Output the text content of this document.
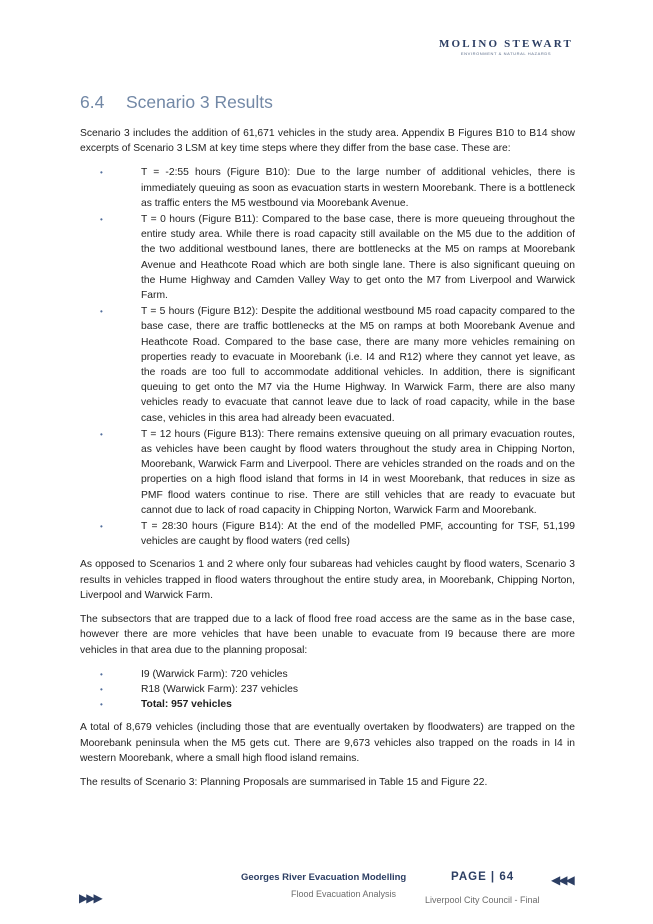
MOLINO STEWART
ENVIRONMENT & NATURAL HAZARDS
6.4 Scenario 3 Results

Scenario 3 includes the addition of 61,671 vehicles in the study area. Appendix B Figures B10 to B14 show excerpts of Scenario 3 LSM at key time steps where they differ from the base case. These are:

•	T = -2:55 hours (Figure B10): Due to the large number of additional vehicles, there is immediately queuing as soon as evacuation starts in western Moorebank. There is a bottleneck as traffic enters the M5 westbound via Moorebank Avenue.
•	T = 0 hours (Figure B11): Compared to the base case, there is more queueing throughout the entire study area. While there is road capacity still available on the M5 due to the addition of the two additional westbound lanes, there are bottlenecks at the M5 on ramps at Moorebank Avenue and Heathcote Road which are both single lane. There is also significant queuing on the Hume Highway and Camden Valley Way to get onto the M7 from Liverpool and Warwick Farm.
•	T = 5 hours (Figure B12): Despite the additional westbound M5 road capacity compared to the base case, there are traffic bottlenecks at the M5 on ramps at both Moorebank Avenue and Heathcote Road. Compared to the base case, there are many more vehicles remaining on properties ready to evacuate in Moorebank (i.e. I4 and R12) where they cannot yet leave, as the roads are too full to accommodate additional vehicles. In addition, there is significant queuing to get onto the M7 via the Hume Highway. In Warwick Farm, there are also many vehicles ready to evacuate that cannot leave due to lack of road capacity, while in the base case, vehicles in this area had already been evacuated.
•	T = 12 hours (Figure B13): There remains extensive queuing on all primary evacuation routes, as vehicles have been caught by flood waters throughout the study area in Chipping Norton, Moorebank, Warwick Farm and Liverpool. There are vehicles stranded on the roads and on the properties on a high flood island that forms in I4 in west Moorebank, that reduces in size as PMF flood waters continue to rise. There are still vehicles that are ready to evacuate but cannot due to lack of road capacity in Chipping Norton, Warwick Farm and Moorebank.
•	T = 28:30 hours (Figure B14): At the end of the modelled PMF, accounting for TSF, 51,199 vehicles are caught by flood waters (red cells)

As opposed to Scenarios 1 and 2 where only four subareas had vehicles caught by flood waters, Scenario 3 results in vehicles trapped in flood waters throughout the entire study area, in Moorebank, Chipping Norton, Liverpool and Warwick Farm.

The subsectors that are trapped due to a lack of flood free road access are the same as in the base case, however there are more vehicles that have been unable to evacuate from I9 because there are more vehicles in that area due to the planning proposal:

•	I9 (Warwick Farm): 720 vehicles
•	R18 (Warwick Farm): 237 vehicles
•	Total: 957 vehicles

A total of 8,679 vehicles (including those that are eventually overtaken by floodwaters) are trapped on the Moorebank peninsula when the M5 gets cut. There are 9,673 vehicles also trapped on the roads in I4 in western Moorebank, where a small high flood island remains.

The results of Scenario 3: Planning Proposals are summarised in Table 15 and Figure 22.

Georges River Evacuation Modelling
Flood Evacuation Analysis
PAGE | 64
Liverpool City Council - Final
▶▶▶
◀◀◀
